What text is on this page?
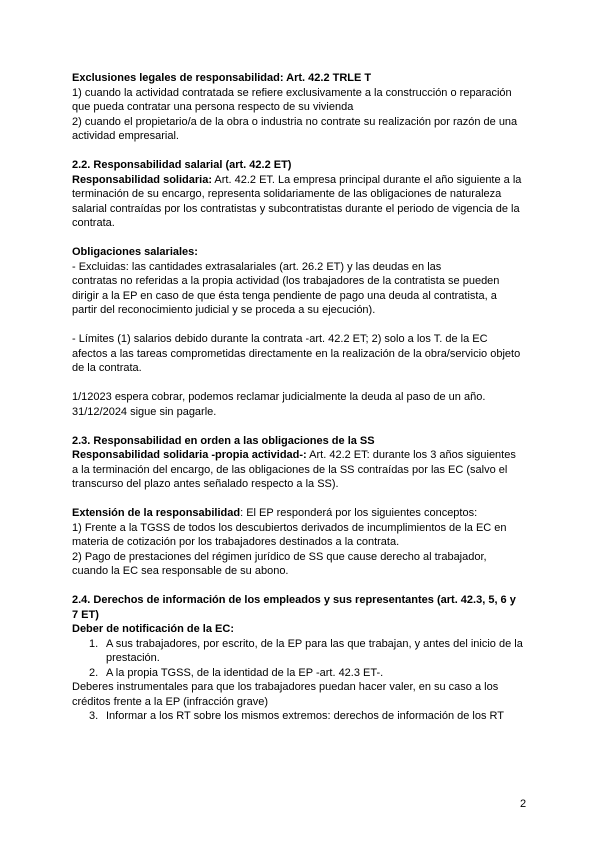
Exclusiones legales de responsabilidad: Art. 42.2 TRLE T

1) cuando la actividad contratada se refiere exclusivamente a la construcción o reparación que pueda contratar una persona respecto de su vivienda

2) cuando el propietario/a de la obra o industria no contrate su realización por razón de una actividad empresarial.

2.2. Responsabilidad salarial (art. 42.2 ET)

Responsabilidad solidaria: Art. 42.2 ET. La empresa principal durante el año siguiente a la terminación de su encargo, representa solidariamente de las obligaciones de naturaleza salarial contraídas por los contratistas y subcontratistas durante el periodo de vigencia de la contrata.

Obligaciones salariales:

- Excluidas: las cantidades extrasalariales (art. 26.2 ET) y las deudas en las

contratas no referidas a la propia actividad (los trabajadores de la contratista se pueden dirigir a la EP en caso de que ésta tenga pendiente de pago una deuda al contratista, a partir del reconocimiento judicial y se proceda a su ejecución).

- Límites (1) salarios debido durante la contrata -art. 42.2 ET; 2) solo a los T. de la EC afectos a las tareas comprometidas directamente en la realización de la obra/servicio objeto de la contrata.

1/12023 espera cobrar, podemos reclamar judicialmente la deuda al paso de un año.

31/12/2024 sigue sin pagarle.

2.3. Responsabilidad en orden a las obligaciones de la SS

Responsabilidad solidaria -propia actividad-: Art. 42.2 ET: durante los 3 años siguientes a la terminación del encargo, de las obligaciones de la SS contraídas por las EC (salvo el transcurso del plazo antes señalado respecto a la SS).

Extensión de la responsabilidad: El EP responderá por los siguientes conceptos:

1) Frente a la TGSS de todos los descubiertos derivados de incumplimientos de la EC en materia de cotización por los trabajadores destinados a la contrata.

2) Pago de prestaciones del régimen jurídico de SS que cause derecho al trabajador, cuando la EC sea responsable de su abono.

2.4. Derechos de información de los empleados y sus representantes (art. 42.3, 5, 6 y 7 ET)

Deber de notificación de la EC:

1. A sus trabajadores, por escrito, de la EP para las que trabajan, y antes del inicio de la prestación.
2. A la propia TGSS, de la identidad de la EP -art. 42.3 ET-.

Deberes instrumentales para que los trabajadores puedan hacer valer, en su caso a los créditos frente a la EP (infracción grave)

3. Informar a los RT sobre los mismos extremos: derechos de información de los RT
2
